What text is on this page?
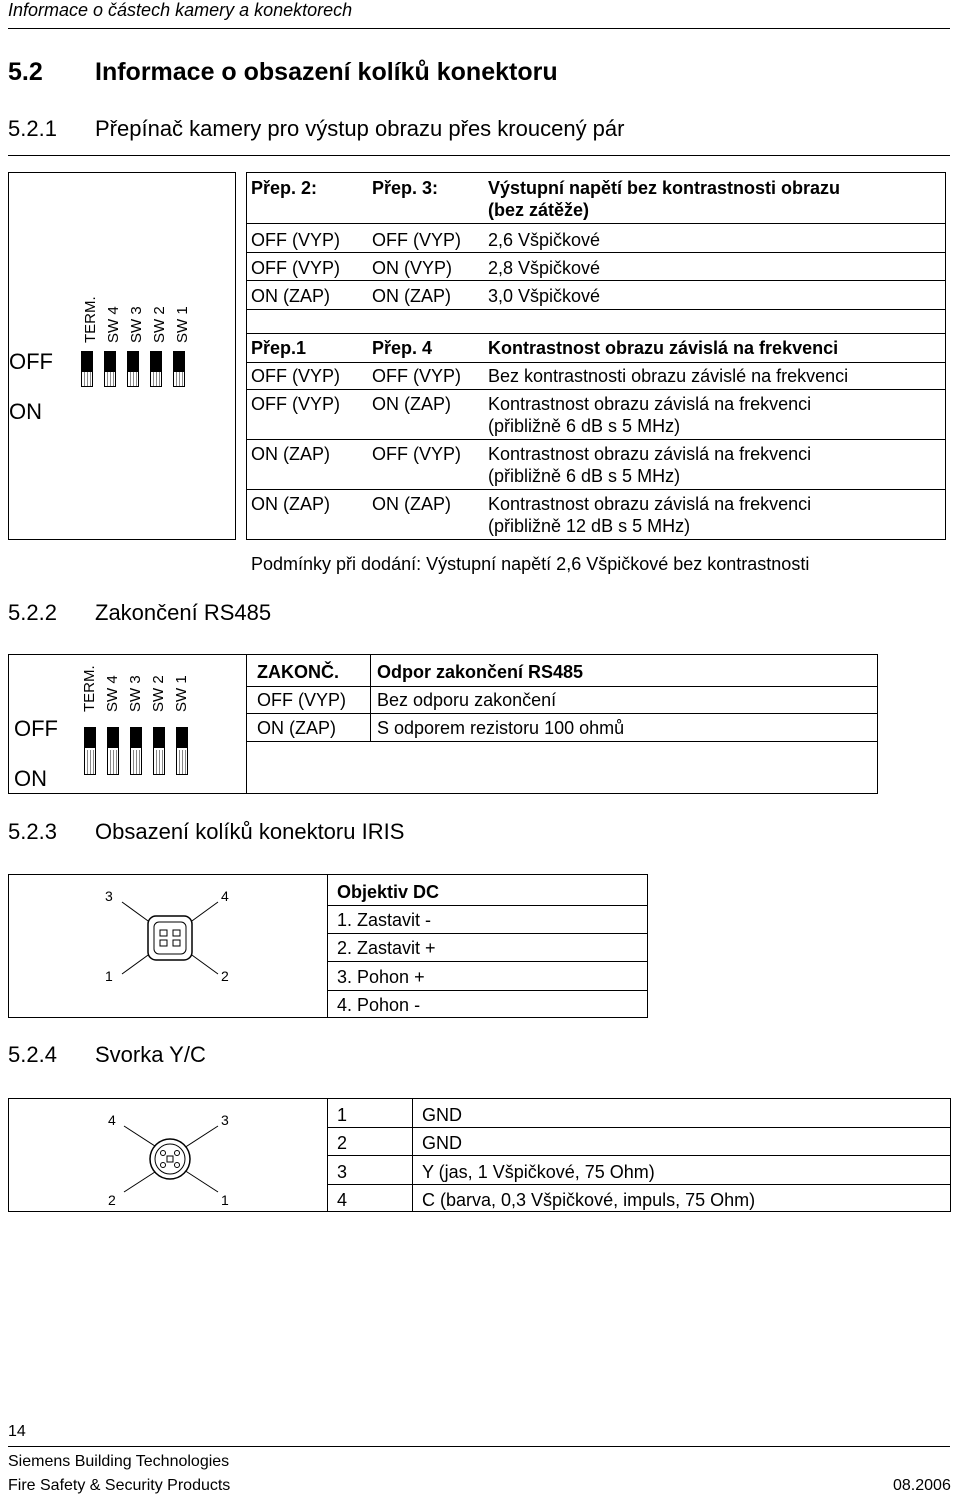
Informace o částech kamery a konektorech
5.2 Informace o obsazení kolíků konektoru
5.2.1 Přepínač kamery pro výstup obrazu přes kroucený pár
OFF
ON
TERM. SW 4 SW 3 SW 2 SW 1
Přep. 2:	Přep. 3:	Výstupní napětí bez kontrastnosti obrazu
(bez zátěže)
OFF (VYP) OFF (VYP) 2,6 Všpičkové
OFF (VYP) ON (VYP) 2,8 Všpičkové
ON (ZAP) ON (ZAP) 3,0 Všpičkové
Přep.1	Přep. 4	Kontrastnost obrazu závislá na frekvenci
OFF (VYP) OFF (VYP) Bez kontrastnosti obrazu závislé na frekvenci
OFF (VYP) ON (ZAP) Kontrastnost obrazu závislá na frekvenci
(přibližně 6 dB s 5 MHz)
ON (ZAP) OFF (VYP) Kontrastnost obrazu závislá na frekvenci
(přibližně 6 dB s 5 MHz)
ON (ZAP) ON (ZAP) Kontrastnost obrazu závislá na frekvenci
(přibližně 12 dB s 5 MHz)
Podmínky při dodání: Výstupní napětí 2,6 Všpičkové bez kontrastnosti
5.2.2 Zakončení RS485
OFF
ON
TERM. SW 4 SW 3 SW 2 SW 1
ZAKONČ. Odpor zakončení RS485
OFF (VYP) Bez odporu zakončení
ON (ZAP) S odporem rezistoru 100 ohmů
5.2.3 Obsazení kolíků konektoru IRIS
3	4
1	2
Objektiv DC
1. Zastavit -
2. Zastavit +
3. Pohon +
4. Pohon -
5.2.4 Svorka Y/C
4	3
2	1
1	GND
2	GND
3	Y (jas, 1 Všpičkové, 75 Ohm)
4	C (barva, 0,3 Všpičkové, impuls, 75 Ohm)
14
Siemens Building Technologies
Fire Safety & Security Products	08.2006
